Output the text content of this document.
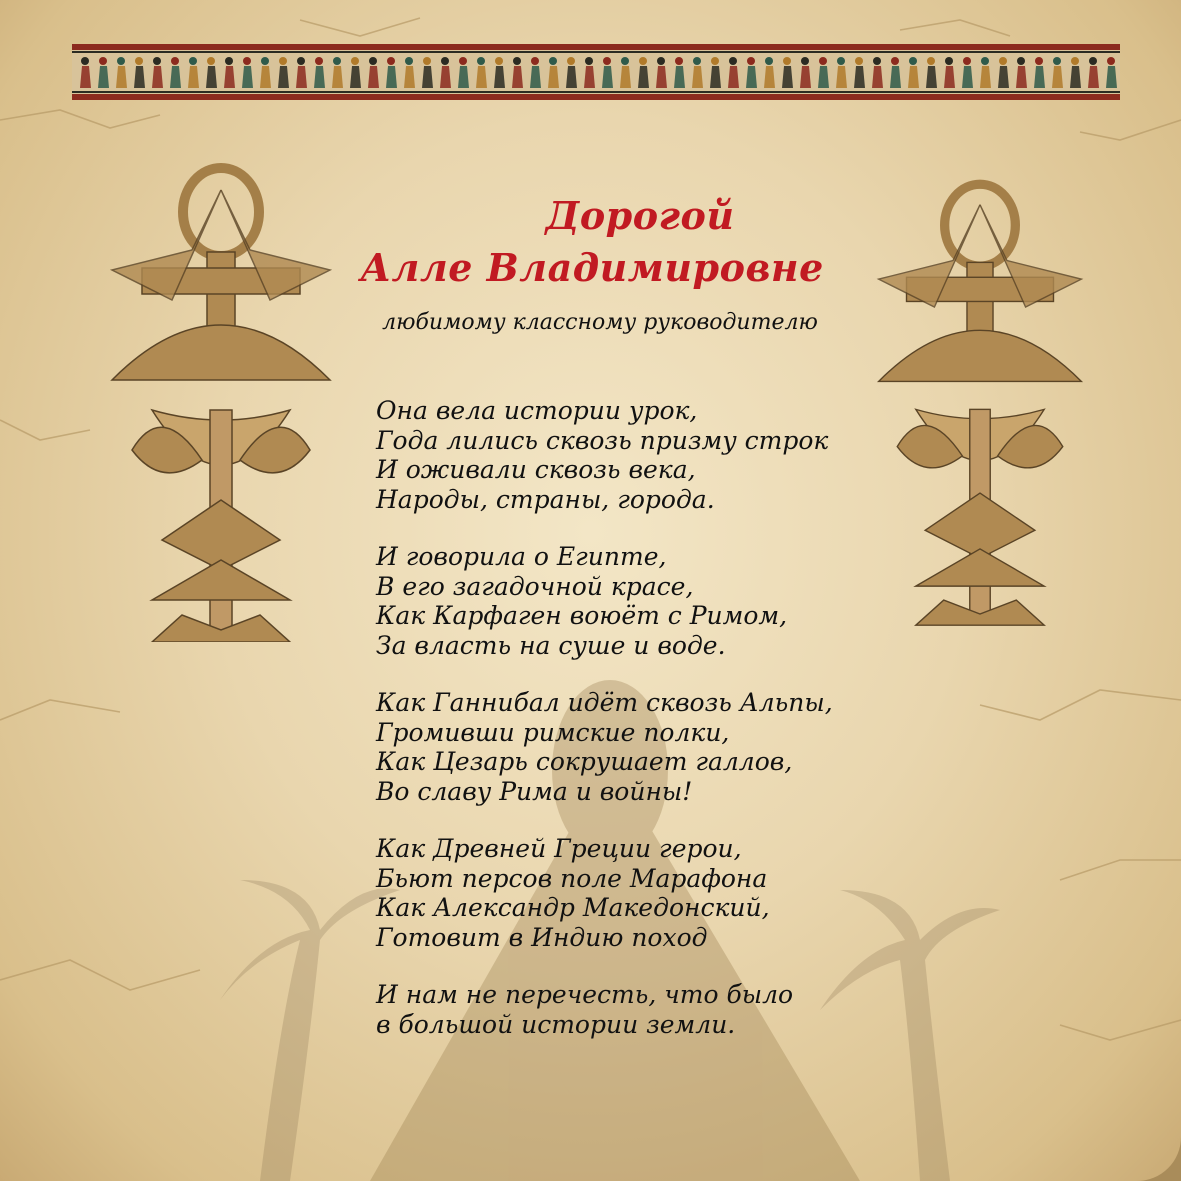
Дорогой
Алле Владимировне

любимому классному руководителю

Она вела истории урок,
Года лились сквозь призму строк
И оживали сквозь века,
Народы, страны, города.

И говорила о Египте,
В его загадочной красе,
Как Карфаген воюёт с Римом,
За власть на суше и воде.

Как Ганнибал идёт сквозь Альпы,
Громивши римские полки,
Как Цезарь сокрушает галлов,
Во славу Рима и войны!

Как Древней Греции герои,
Бьют персов поле Марафона
Как Александр Македонский,
Готовит в Индию поход

И нам не перечесть, что было
в большой истории земли.
